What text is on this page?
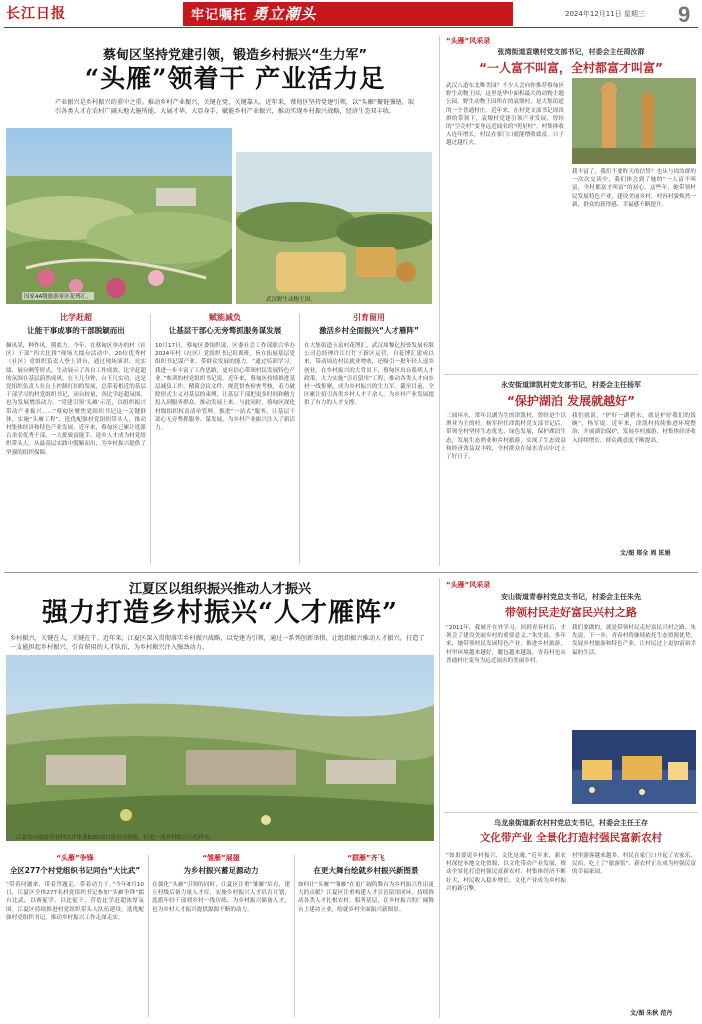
长江日报	牢记嘱托 勇立潮头	2024年12月11日 星期三 9
蔡甸区坚持党建引领，锻造乡村振兴“生力军”
“头雁”领着干 产业活力足
产业振兴是乡村振兴的重中之重。推动乡村产业振兴，关键在党，关键靠人。近年来，蔡甸区坚持党建引领，以“头雁”聚链强链、取引各类人才在农村广阔天地大施所能，大展才华，大显身手，赋能乡村产业振兴，推动实现乡村振兴战略，经济生态双丰收。
国家4A级旅游景区花博汇。	武汉野生动物王国。
比学赶超
让能干事成事的干部脱颖而出
佩凤采，种作风，摸底力。今年，在蔡甸区举办的村（社区）干部“四大比拼”现场大擂台活动中，20位优秀村（社区）党组织负责人登上讲台，通过现场演讲、亮实绩、展台晒等形式，生动展示了各自工作成效。比学赶超的氛围在基层蔚然成风。在士几分钟，台下几实功，这是党组织负责人在台上控制打扣的发展，总带着相近的基层干部学习的村党组织书记，同台较量，各比学赶超氛围，也为发展增添动力。“党建引领‘头雁’示范，以组织振兴带动产业振兴……”蔡甸区聚焦党组织书记这一关键群体，实施“头雁工程”，选优配强村党组织带头人，推动村集体经济和特色产业发展。近年来，蔡甸区已累计选派百余名优秀干部，一大批致富能手、返乡人才成为村党组织带头人。从最基层实践中脱颖而出，为乡村振兴提供了坚强的组织保障。
赋能减负
让基层干部心无旁骛抓服务谋发展
10月17日，蔡甸区委组织部，区委社会工作部联合举办2024年村（社区）党组织书记培训班，旨在拓展基层党组织书记谋产业、带群众发展的能力。“通过培训学习，我进一步丰富了工作思路，更有信心带领村民发展特色产业。”参训的村党组织书记说。近年来，蔡甸区持续推进基层减负工作，精简会议文件、规范督查检查考核，着力破除形式主义对基层的束缚，让基层干部把更多时间和精力投入到服务群众、推动发展上来。与此同时，蔡甸区深化村级组织权责清单管理，推进“一站式”服务，让基层干部心无旁骛抓服务、谋发展，为乡村产业振兴注入了新活力。
引育留用
激活乡村全面振兴“人才雁阵”
在大集街道玉泉村花博汇，武汉周黎亿投资发展有限公司总经理许江红忙于新区运营。自花博汇建成以来，带动周边村民就业增收，还吸引一批年轻人返乡创业。在乡村振兴的大背景下，蔡甸区出台系列人才政策，大力实施“引育留用”工程，推动各类人才向乡村一线集聚，成为乡村振兴的生力军。截至目前，全区累计招引各类乡村人才千余人，为乡村产业发展提供了有力的人才支撑。
“头雁”风采录
张湾街道袁墩村党支部书记，村委会主任周汝群
“一人富不叫富，全村都富才叫富”
武汉八道东北唯美园？不少人会向你推荐蔡甸区野生动物王国，这里是华中面积最大的动物主题公园。野生动物王国所在的袁墩村，是大集街道的一个普通村庄。近年来，在村党支部书记周汝群的带领下，袁墩村党建引领产业发展，曾经的“空壳村”变身远近闻名的“明星村”。村集体收入连年增长，村民在家门口就能增收致富，日子越过越红火。
我不富了，我们不要昨天的信誓？也从与周汝群的一次次交谈中，我们体会到了她的“一人富不叫富，全村都富才叫富”的初心。这些年，她带领村民发展特色产业，建设美丽乡村，村容村貌焕然一新，群众的获得感、幸福感不断提升。
永安街道津凯村党支部书记，村委会主任杨军
“保护湖泊 发展就越好”
三面环水，常年以湖为生的津凯村，曾经是个以渔业为主的村。杨军担任津凯村党支部书记后，带领全村坚持生态优先、绿色发展，保护湖泊生态，发展生态渔业和乡村旅游，实现了生态效益和经济效益双丰收，全村群众在绿水青山中过上了好日子。
我们就说，“护好一湖碧水，就是护好我们的饭碗”，杨军说。近年来，津凯村持续推进环境整治，开展湖泊保护，发展乡村旅游，村集体经济收入持续增长，群众满意度不断提高。
文/图 郑全 周 匡娟
江夏区以组织振兴推动人才振兴
强力打造乡村振兴“人才雁阵”
乡村振兴，关键在人，关键在干。近年来，江夏区深入贯彻落实乡村振兴战略，以党建为引领，通过一系列创新举措，让组织振兴推动人才振兴，打造了一支能担起乡村振兴、引育留用的人才队伍，为乡村振兴注入强劲动力。
江夏安山街道青春村以并集通EOD项目建设为契机，打造一流乡村振兴示范样本。
“头雁”争锋
全区277个村党组织书记同台“大比武”
“带着问题来，带着答题走，带着动力干。”今年8月10日，江夏区全体277名村党组织书记参加“头雁争锋”擂台比武，以赛促学、以比促干，营造比学赶超浓厚氛围。江夏区持续推进村党组织带头人队伍建设，选优配强村党组织书记，推动乡村振兴工作走深走实。
“雏雁”展翅
为乡村振兴蓄足源动力
在强化“头雁”引领的同时，江夏区注重“雏雁”培育，建立村级后备力量人才库，实施乡村振兴人才培育计划，选派年轻干部到乡村一线历练，为乡村振兴储备人才，也为乡村人才振兴提供源源不断的动力。
“群雁”齐飞
在更大舞台绘就乡村振兴新图景
如何让“头雁”“雏雁”在更广阔的舞台为乡村振兴作出更大的贡献？江夏区注重构建人才引育留用闭环，持续推动各类人才扎根农村、服务基层，在乡村振兴的广阔舞台上建功立业，绘就乡村全面振兴新图景。
“头雁”风采录
安山街道青春村党总支书记，村委会主任朱先
带领村民走好富民兴村之路
“2011年，我被开在外学习，回到青春村后，才领会了建设美丽乡村的重要意义。”朱先说。多年来，她带领村民发展特色产业，推进乡村旅游，村里环境越来越好，腰包越来越鼓，青春村也从普通村庄变身为远近闻名的美丽乡村。
我们要做的，就是带领村民走好富民兴村之路。朱先说，下一步，青春村将继续依托生态资源优势，发展乡村旅游和特色产业，让村民过上更加富裕幸福的生活。
乌龙泉街道新农村村党总支书记，村委会主任王存
文化带产业 全景化打造村强民富新农村
“如果要说乡村振兴，文化是魂。”近年来，新农村深挖本地文化资源，以文化带动产业发展，推动全景化打造村强民富新农村。村集体经济不断壮大，村民收入稳步增长，文化产业成为乡村振兴的新引擎。
村里游客越来越多，村民在家门口开起了农家乐、民宿，吃上了“旅游饭”，新农村正在成为村强民富的幸福家园。
文/图 朱秋 范丹
